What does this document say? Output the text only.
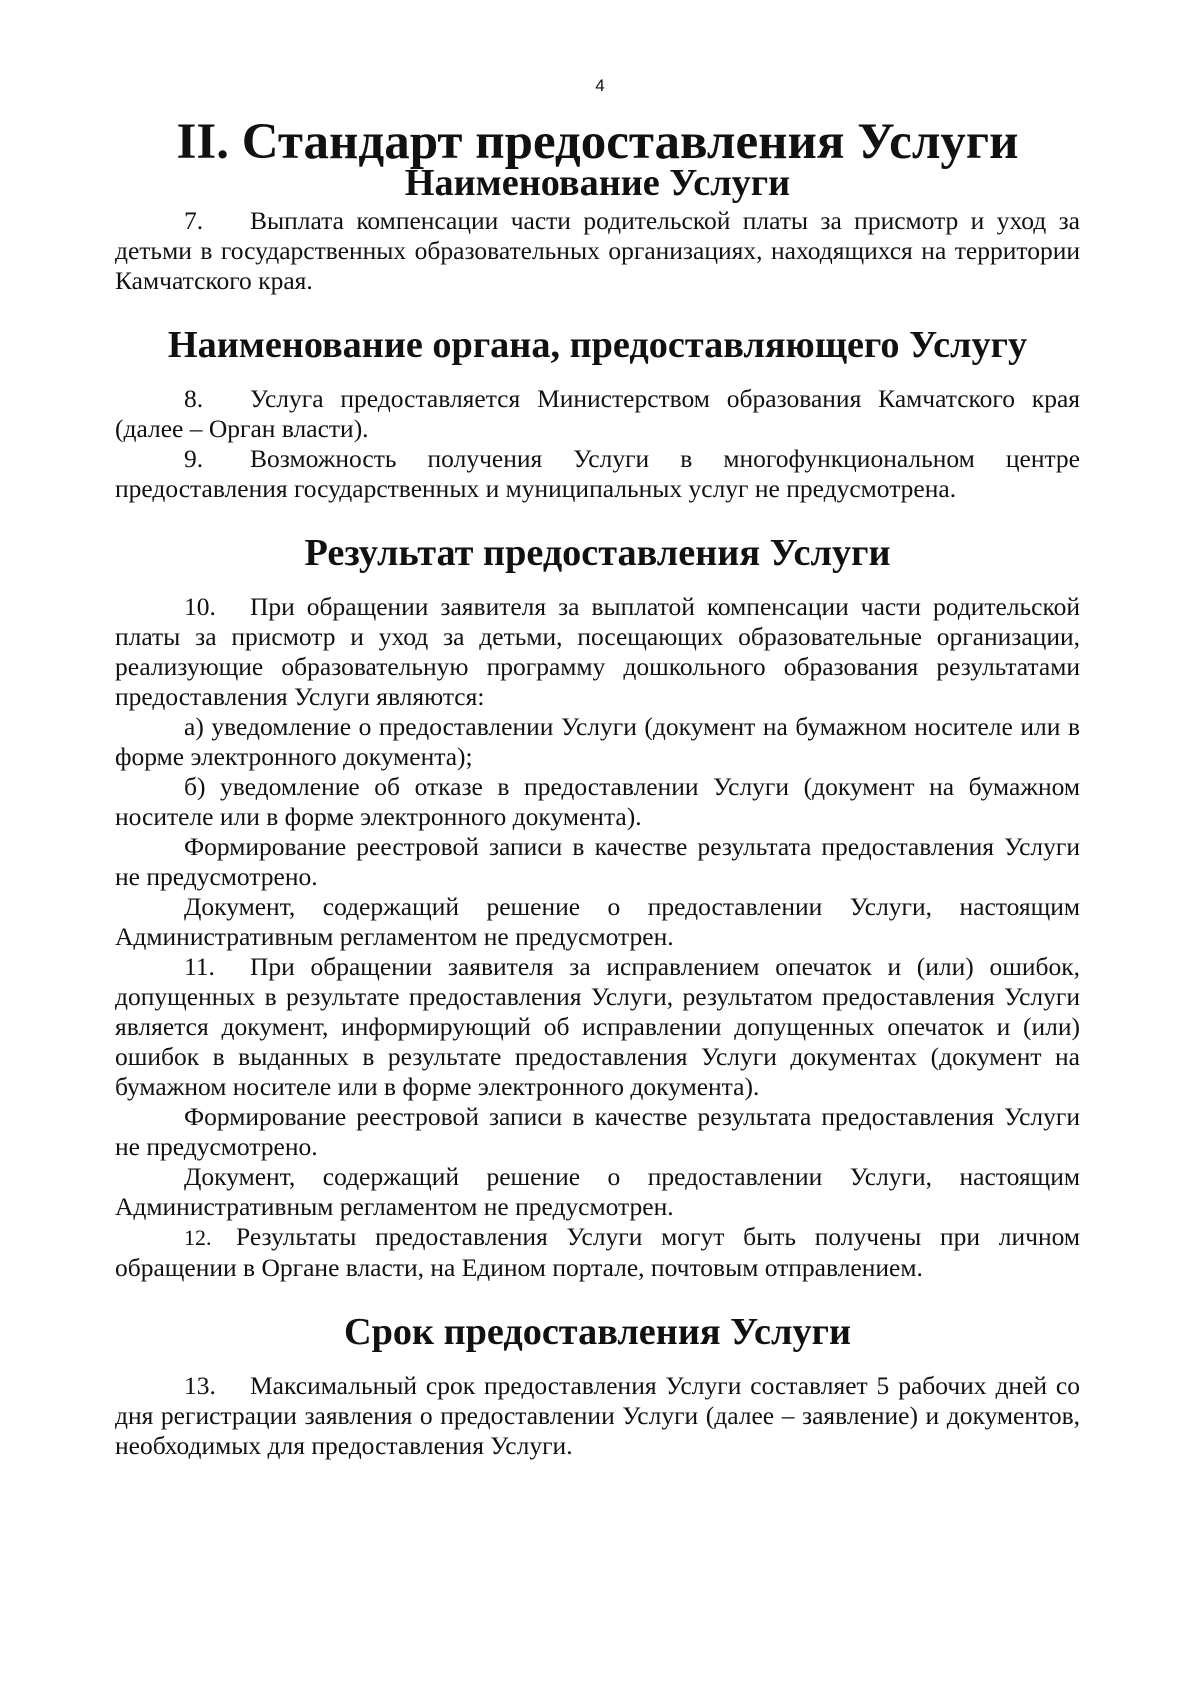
4
II. Стандарт предоставления Услуги
Наименование Услуги

7. Выплата компенсации части родительской платы за присмотр и уход за детьми в государственных образовательных организациях, находящихся на территории Камчатского края.

Наименование органа, предоставляющего Услугу

8. Услуга предоставляется Министерством образования Камчатского края (далее – Орган власти).

9. Возможность получения Услуги в многофункциональном центре предоставления государственных и муниципальных услуг не предусмотрена.

Результат предоставления Услуги

10. При обращении заявителя за выплатой компенсации части родительской платы за присмотр и уход за детьми, посещающих образовательные организации, реализующие образовательную программу дошкольного образования результатами предоставления Услуги являются:

а) уведомление о предоставлении Услуги (документ на бумажном носителе или в форме электронного документа);

б) уведомление об отказе в предоставлении Услуги (документ на бумажном носителе или в форме электронного документа).

Формирование реестровой записи в качестве результата предоставления Услуги не предусмотрено.

Документ, содержащий решение о предоставлении Услуги, настоящим Административным регламентом не предусмотрен.

11. При обращении заявителя за исправлением опечаток и (или) ошибок, допущенных в результате предоставления Услуги, результатом предоставления Услуги является документ, информирующий об исправлении допущенных опечаток и (или) ошибок в выданных в результате предоставления Услуги документах (документ на бумажном носителе или в форме электронного документа).

Формирование реестровой записи в качестве результата предоставления Услуги не предусмотрено.

Документ, содержащий решение о предоставлении Услуги, настоящим Административным регламентом не предусмотрен.

12. Результаты предоставления Услуги могут быть получены при личном обращении в Органе власти, на Едином портале, почтовым отправлением.

Срок предоставления Услуги

13. Максимальный срок предоставления Услуги составляет 5 рабочих дней со дня регистрации заявления о предоставлении Услуги (далее – заявление) и документов, необходимых для предоставления Услуги.
